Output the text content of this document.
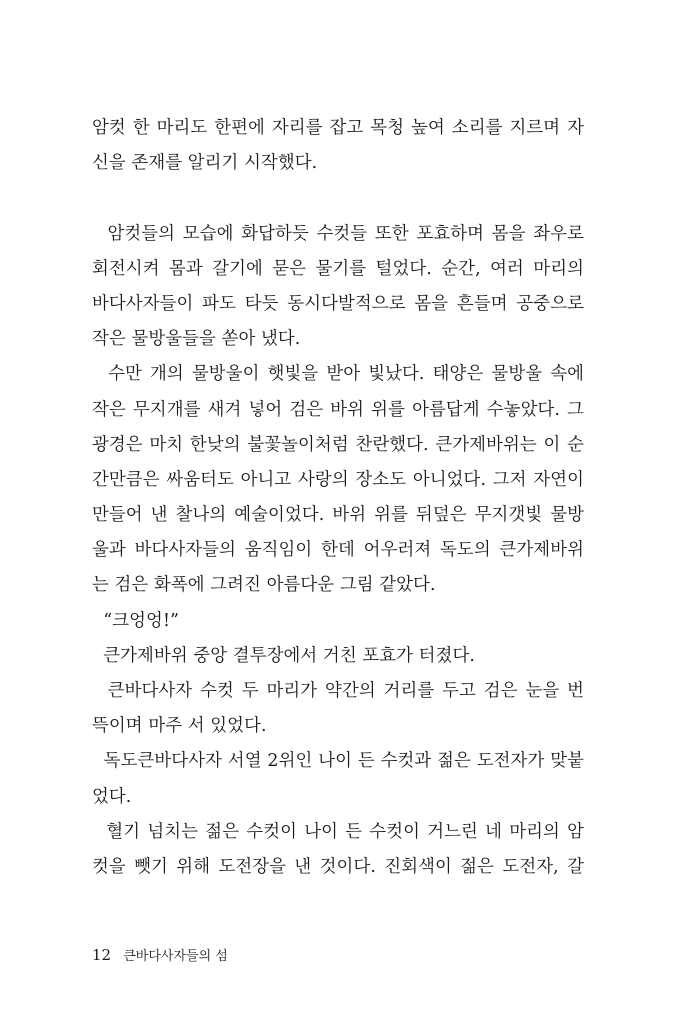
암컷 한 마리도 한편에 자리를 잡고 목청 높여 소리를 지르며 자
신을 존재를 알리기 시작했다.
암컷들의 모습에 화답하듯 수컷들 또한 포효하며 몸을 좌우로
회전시켜 몸과 갈기에 묻은 물기를 털었다. 순간, 여러 마리의
바다사자들이 파도 타듯 동시다발적으로 몸을 흔들며 공중으로
작은 물방울들을 쏟아 냈다.
수만 개의 물방울이 햇빛을 받아 빛났다. 태양은 물방울 속에
작은 무지개를 새겨 넣어 검은 바위 위를 아름답게 수놓았다. 그
광경은 마치 한낮의 불꽃놀이처럼 찬란했다. 큰가제바위는 이 순
간만큼은 싸움터도 아니고 사랑의 장소도 아니었다. 그저 자연이
만들어 낸 찰나의 예술이었다. 바위 위를 뒤덮은 무지갯빛 물방
울과 바다사자들의 움직임이 한데 어우러져 독도의 큰가제바위
는 검은 화폭에 그려진 아름다운 그림 같았다.
“크엉엉!”
큰가제바위 중앙 결투장에서 거친 포효가 터졌다.
큰바다사자 수컷 두 마리가 약간의 거리를 두고 검은 눈을 번
뜩이며 마주 서 있었다.
독도큰바다사자 서열 2위인 나이 든 수컷과 젊은 도전자가 맞붙
었다.
혈기 넘치는 젊은 수컷이 나이 든 수컷이 거느린 네 마리의 암
컷을 뺏기 위해 도전장을 낸 것이다. 진회색이 젊은 도전자, 갈
12 큰바다사자들의 섬
